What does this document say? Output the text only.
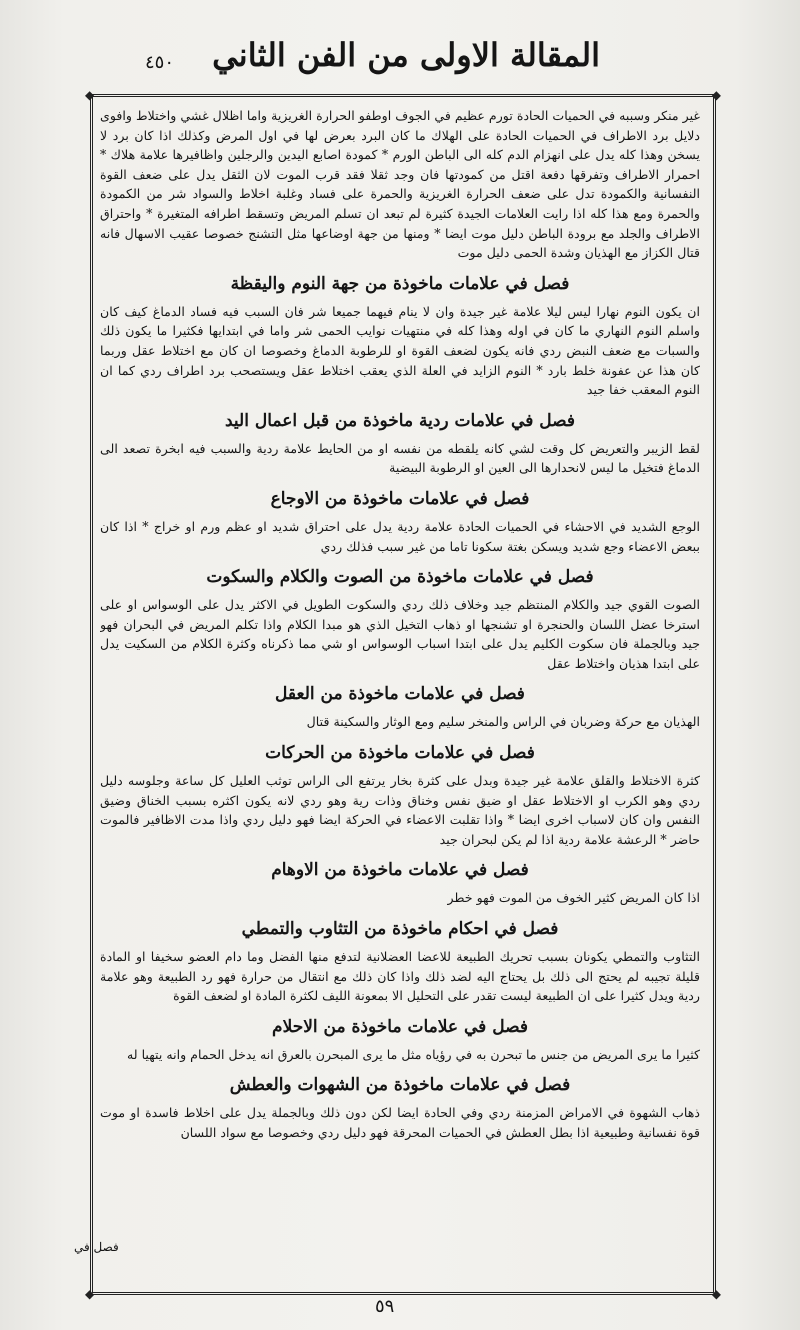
المقالة الاولى من الفن الثاني
٤٥٠
◆	◆
◆	◆

غير منكر وسببه في الحميات الحادة تورم عظيم في الجوف اوطفو الحرارة الغريزية واما اظلال غشي واختلاط وافوى دلايل برد الاطراف في الحميات الحادة على الهلاك ما كان البرد بعرض لها في اول المرض وكذلك اذا كان برد لا يسخن وهذا كله يدل على انهزام الدم كله الى الباطن الورم * كمودة اصابع اليدين والرجلين واظافيرها علامة هلاك * احمرار الاطراف وتفرقها دفعة اقتل من كمودتها فان وجد ثقلا فقد قرب الموت لان الثقل يدل على ضعف القوة النفسانية والكمودة تدل على ضعف الحرارة الغريزية والحمرة على فساد وغلبة اخلاط والسواد شر من الكمودة والحمرة ومع هذا كله اذا رايت العلامات الجيدة كثيرة لم تبعد ان تسلم المريض وتسقط اطرافه المتغيرة * واحتراق الاطراف والجلد مع برودة الباطن دليل موت ايضا * ومنها من جهة اوضاعها مثل التشنج خصوصا عقيب الاسهال فانه قتال الكزاز مع الهذيان وشدة الحمى دليل موت

فصل في علامات ماخوذة من جهة النوم واليقظة

ان يكون النوم نهارا ليس ليلا علامة غير جيدة وان لا ينام فيهما جميعا شر فان السبب فيه فساد الدماغ كيف كان واسلم النوم النهاري ما كان في اوله وهذا كله في منتهيات نوايب الحمى شر واما في ابتدايها فكثيرا ما يكون ذلك والسبات مع ضعف النبض ردي فانه يكون لضعف القوة او للرطوبة الدماغ وخصوصا ان كان مع اختلاط عقل وربما كان هذا عن عفونة خلط بارد * النوم الزايد في العلة الذي يعقب اختلاط عقل ويستصحب برد اطراف ردي كما ان النوم المعقب خفا جيد

فصل في علامات ردية ماخوذة من قبل اعمال اليد

لقط الزيبر والتعريض كل وقت لشي كانه يلقطه من نفسه او من الحايط علامة ردية والسبب فيه ابخرة تصعد الى الدماغ فتخيل ما ليس لانحدارها الى العين او الرطوبة البيضية

فصل في علامات ماخوذة من الاوجاع

الوجع الشديد في الاحشاء في الحميات الحادة علامة ردية يدل على احتراق شديد او عظم ورم او خراج * اذا كان ببعض الاعضاء وجع شديد ويسكن بغتة سكونا تاما من غير سبب فذلك ردي

فصل في علامات ماخوذة من الصوت والكلام والسكوت

الصوت القوي جيد والكلام المنتظم جيد وخلاف ذلك ردي والسكوت الطويل في الاكثر يدل على الوسواس او على استرخا عضل اللسان والحنجرة او تشنجها او ذهاب التخيل الذي هو مبدا الكلام واذا تكلم المريض في البحران فهو جيد وبالجملة فان سكوت الكليم يدل على ابتدا اسباب الوسواس او شي مما ذكرناه وكثرة الكلام من السكيت يدل على ابتدا هذيان واختلاط عقل

فصل في علامات ماخوذة من العقل

الهذيان مع حركة وضربان في الراس والمنخر سليم ومع الوثار والسكينة قتال

فصل في علامات ماخوذة من الحركات

كثرة الاختلاط والقلق علامة غير جيدة وبدل على كثرة بخار يرتفع الى الراس توثب العليل كل ساعة وجلوسه دليل ردي وهو الكرب او الاختلاط عقل او ضيق نفس وخناق وذات رية وهو ردي لانه يكون اكثره بسبب الخناق وضيق النفس وان كان لاسباب اخرى ايضا * واذا تقلبت الاعضاء في الحركة ايضا فهو دليل ردي واذا مدت الاظافير فالموت حاضر * الرعشة علامة ردية اذا لم يكن لبحران جيد

فصل في علامات ماخوذة من الاوهام

اذا كان المريض كثير الخوف من الموت فهو خطر

فصل في احكام ماخوذة من التثاوب والتمطي

التثاوب والتمطي يكونان بسبب تحريك الطبيعة للاعضا العضلانية لتدفع منها الفضل وما دام العضو سخيفا او المادة قليلة تجيبه لم يحتج الى ذلك بل يحتاج اليه لضد ذلك واذا كان ذلك مع انتقال من حرارة فهو رد الطبيعة وهو علامة ردية ويدل كثيرا على ان الطبيعة ليست تقدر على التحليل الا بمعونة الليف لكثرة المادة او لضعف القوة

فصل في علامات ماخوذة من الاحلام

كثيرا ما يرى المريض من جنس ما تبحرن به في رؤياه مثل ما يرى المبحرن بالعرق انه يدخل الحمام وانه يتهيا له

فصل في علامات ماخوذة من الشهوات والعطش

ذهاب الشهوة في الامراض المزمنة ردي وفي الحادة ايضا لكن دون ذلك وبالجملة يدل على اخلاط فاسدة او موت قوة نفسانية وطبيعية اذا بطل العطش في الحميات المحرقة فهو دليل ردي وخصوصا مع سواد اللسان

فصل في
٥٩
